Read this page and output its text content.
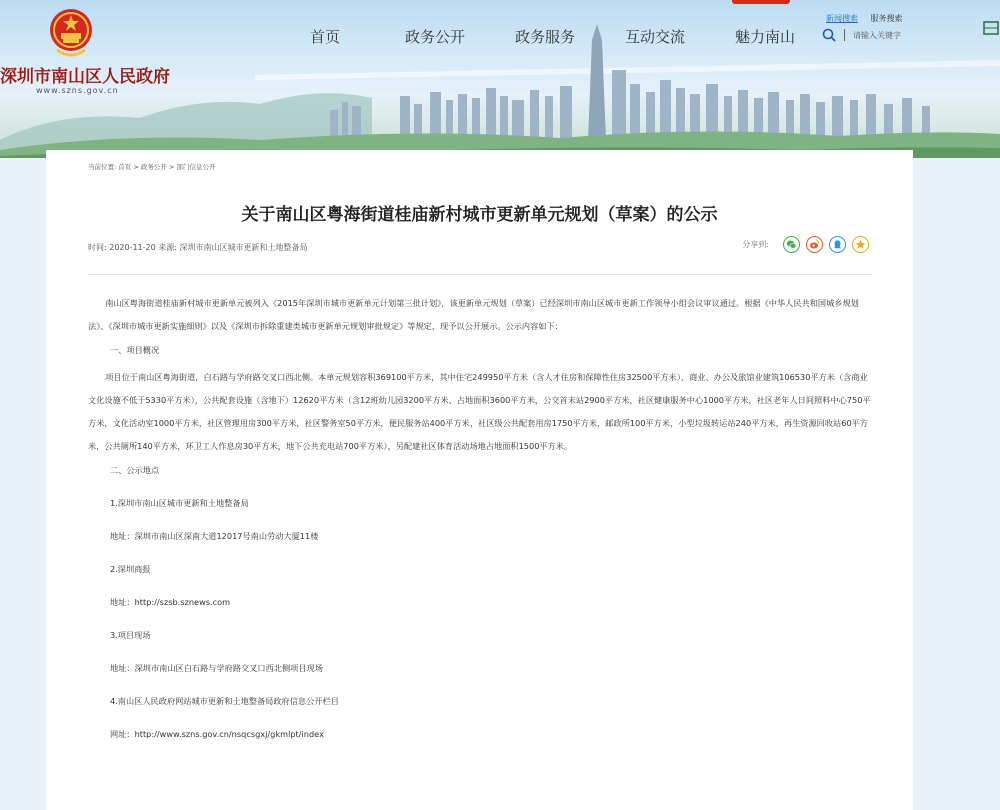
深圳市南山区人民政府
www.szns.gov.cn
首页	政务公开	政务服务	互动交流	魅力南山
新闻搜索 服务搜索
请输入关键字
当前位置: 首页 > 政务公开 > 部门信息公开
关于南山区粤海街道桂庙新村城市更新单元规划（草案）的公示
时间: 2020-11-20 来源: 深圳市南山区城市更新和土地整备局	分享到:

南山区粤海街道桂庙新村城市更新单元被列入《2015年深圳市城市更新单元计划第三批计划》，该更新单元规划（草案）已经深圳市南山区城市更新工作领导小组会议审议通过。根据《中华人民共和国城乡规划法》、《深圳市城市更新实施细则》以及《深圳市拆除重建类城市更新单元规划审批规定》等规定，现予以公开展示。公示内容如下：

一、项目概况

项目位于南山区粤海街道，白石路与学府路交叉口西北侧。本单元规划容积369100平方米，其中住宅249950平方米（含人才住房和保障性住房32500平方米），商业、办公及旅馆业建筑106530平方米（含商业文化设施不低于5330平方米），公共配套设施（含地下）12620平方米（含12班幼儿园3200平方米、占地面积3600平方米，公交首末站2900平方米，社区健康服务中心1000平方米，社区老年人日间照料中心750平方米，文化活动室1000平方米，社区管理用房300平方米，社区警务室50平方米，便民服务站400平方米，社区级公共配套用房1750平方米，邮政所100平方米，小型垃圾转运站240平方米，再生资源回收站60平方米，公共厕所140平方米，环卫工人作息房30平方米，地下公共充电站700平方米），另配建社区体育活动场地占地面积1500平方米。

二、公示地点

1.深圳市南山区城市更新和土地整备局

地址：深圳市南山区深南大道12017号南山劳动大厦11楼

2.深圳商报

地址：http://szsb.sznews.com

3.项目现场

地址：深圳市南山区白石路与学府路交叉口西北侧项目现场

4.南山区人民政府网站城市更新和土地整备局政府信息公开栏目

网址：http://www.szns.gov.cn/nsqcsgxj/gkmlpt/index
